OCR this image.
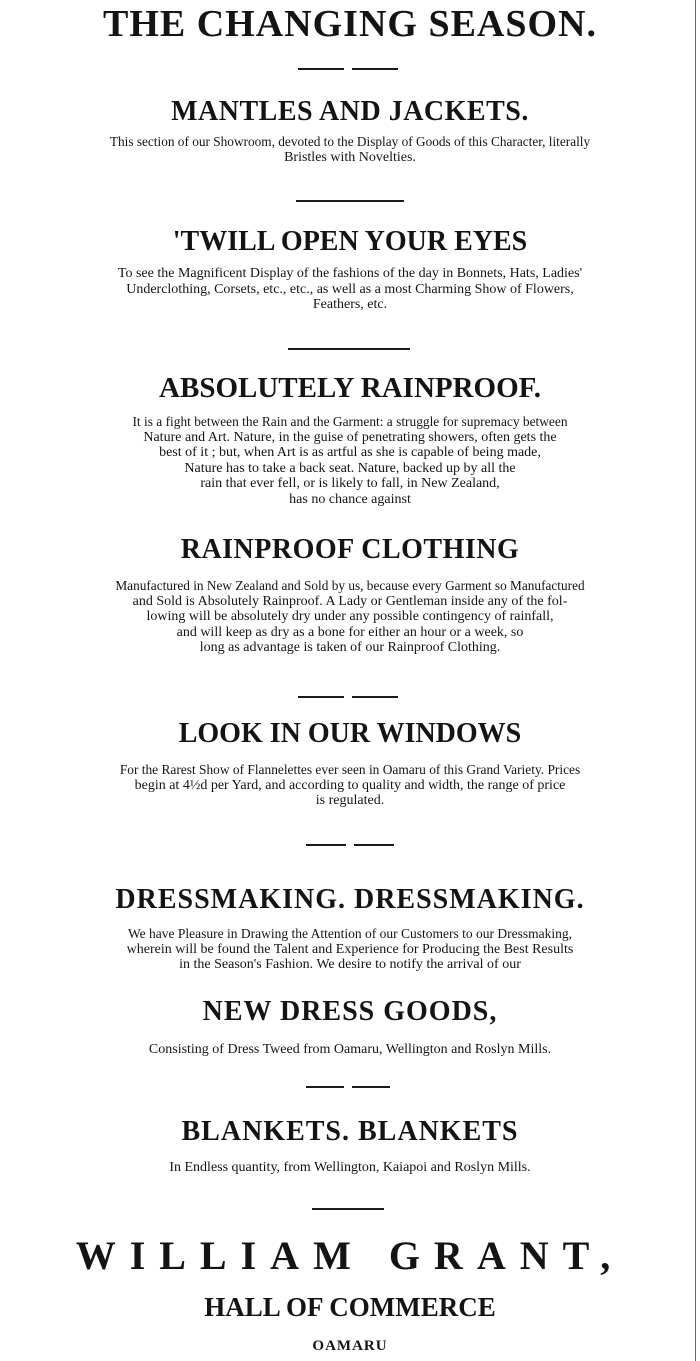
THE CHANGING SEASON.
MANTLES AND JACKETS.
This section of our Showroom, devoted to the Display of Goods of this Character, literally
Bristles with Novelties.
'TWILL OPEN YOUR EYES
To see the Magnificent Display of the fashions of the day in Bonnets, Hats, Ladies'
Underclothing, Corsets, etc., etc., as well as a most Charming Show of Flowers,
Feathers, etc.
ABSOLUTELY RAINPROOF.
It is a fight between the Rain and the Garment: a struggle for supremacy between
Nature and Art. Nature, in the guise of penetrating showers, often gets the
best of it ; but, when Art is as artful as she is capable of being made,
Nature has to take a back seat. Nature, backed up by all the
rain that ever fell, or is likely to fall, in New Zealand,
has no chance against
RAINPROOF CLOTHING
Manufactured in New Zealand and Sold by us, because every Garment so Manufactured
and Sold is Absolutely Rainproof. A Lady or Gentleman inside any of the fol-
lowing will be absolutely dry under any possible contingency of rainfall,
and will keep as dry as a bone for either an hour or a week, so
long as advantage is taken of our Rainproof Clothing.
LOOK IN OUR WINDOWS
For the Rarest Show of Flannelettes ever seen in Oamaru of this Grand Variety. Prices
begin at 4½d per Yard, and according to quality and width, the range of price
is regulated.
DRESSMAKING. DRESSMAKING.
We have Pleasure in Drawing the Attention of our Customers to our Dressmaking,
wherein will be found the Talent and Experience for Producing the Best Results
in the Season's Fashion. We desire to notify the arrival of our
NEW DRESS GOODS,
Consisting of Dress Tweed from Oamaru, Wellington and Roslyn Mills.
BLANKETS. BLANKETS
In Endless quantity, from Wellington, Kaiapoi and Roslyn Mills.
WILLIAM GRANT,
HALL OF COMMERCE
OAMARU
